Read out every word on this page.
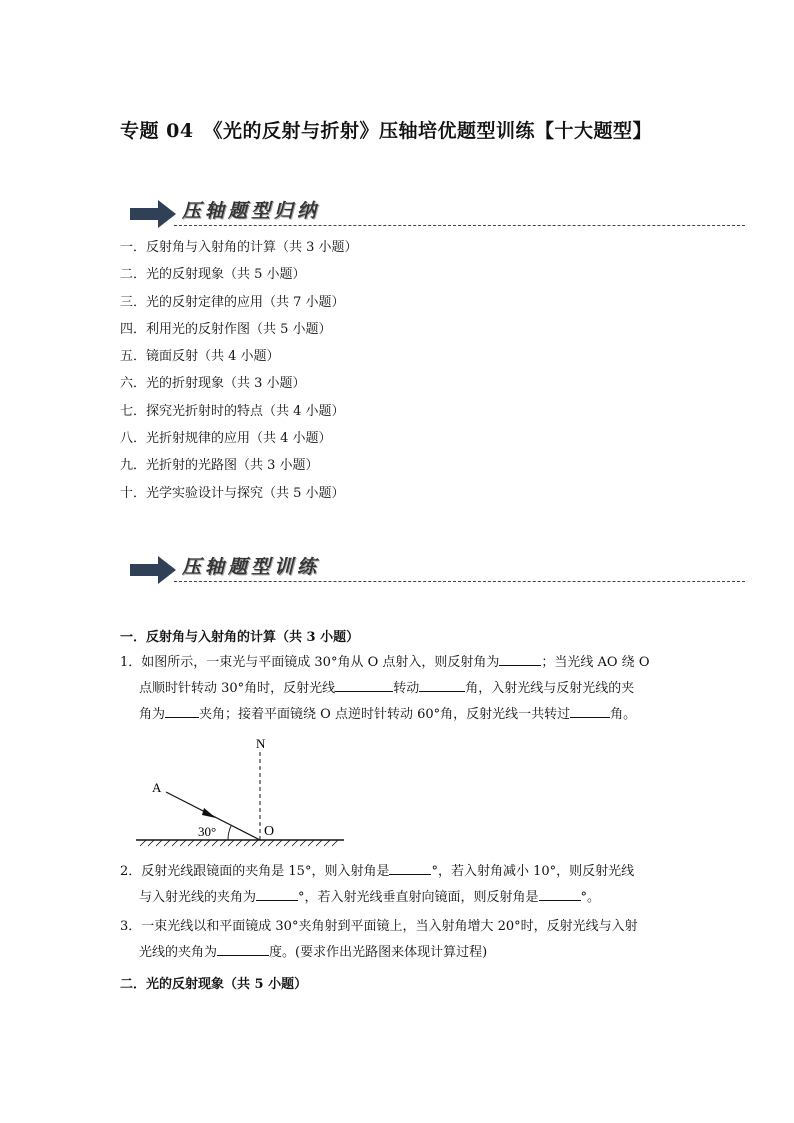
专题 04　《光的反射与折射》压轴培优题型训练【十大题型】
压轴题型归纳
一．反射角与入射角的计算（共 3 小题）
二．光的反射现象（共 5 小题）
三．光的反射定律的应用（共 7 小题）
四．利用光的反射作图（共 5 小题）
五．镜面反射（共 4 小题）
六．光的折射现象（共 3 小题）
七．探究光折射时的特点（共 4 小题）
八．光折射规律的应用（共 4 小题）
九．光折射的光路图（共 3 小题）
十．光学实验设计与探究（共 5 小题）
压轴题型训练
一．反射角与入射角的计算（共 3 小题）

1．如图所示，一束光与平面镜成 30°角从 O 点射入，则反射角为	；当光线 AO 绕 O

点顺时针转动 30°角时，反射光线	转动	角，入射光线与反射光线的夹

角为	夹角；接着平面镜绕 O 点逆时针转动 60°角，反射光线一共转过	角。

N
A
30°	O

2．反射光线跟镜面的夹角是 15°，则入射角是	°，若入射角减小 10°，则反射光线

与入射光线的夹角为	°，若入射光线垂直射向镜面，则反射角是	°。

3．一束光线以和平面镜成 30°夹角射到平面镜上，当入射角增大 20°时，反射光线与入射

光线的夹角为	度。(要求作出光路图来体现计算过程)

二．光的反射现象（共 5 小题）
